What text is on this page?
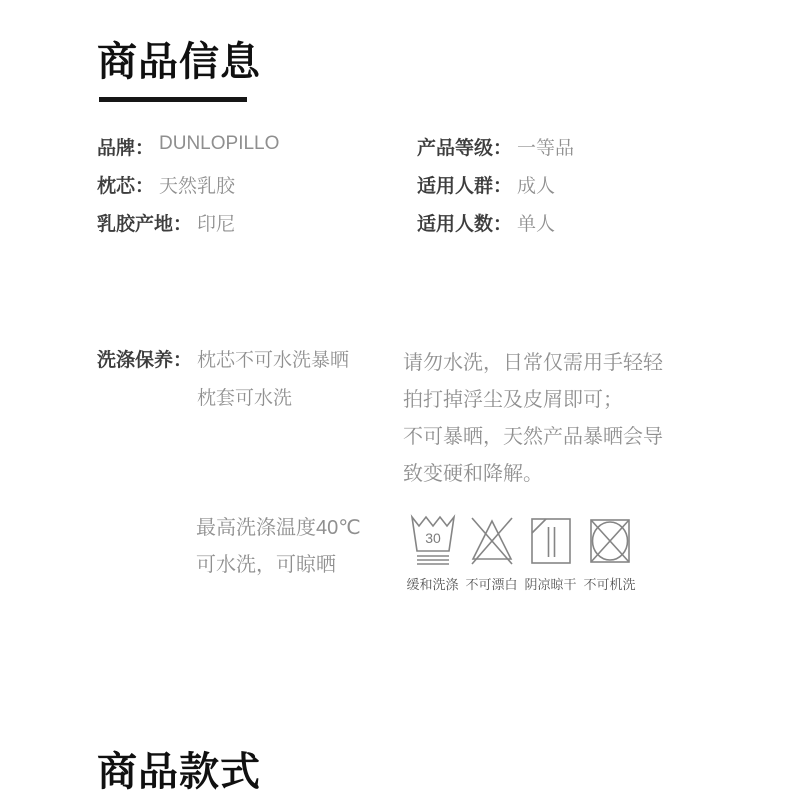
商品信息
品牌： DUNLOPILLO
枕芯： 天然乳胶
乳胶产地： 印尼
产品等级： 一等品
适用人群： 成人
适用人数： 单人
洗涤保养： 枕芯不可水洗暴晒
枕套可水洗
请勿水洗，日常仅需用手轻轻
拍打掉浮尘及皮屑即可；
不可暴晒，天然产品暴晒会导
致变硬和降解。
最高洗涤温度40℃
可水洗，可晾晒
30
缓和洗涤 不可漂白 阴凉晾干 不可机洗
商品款式
